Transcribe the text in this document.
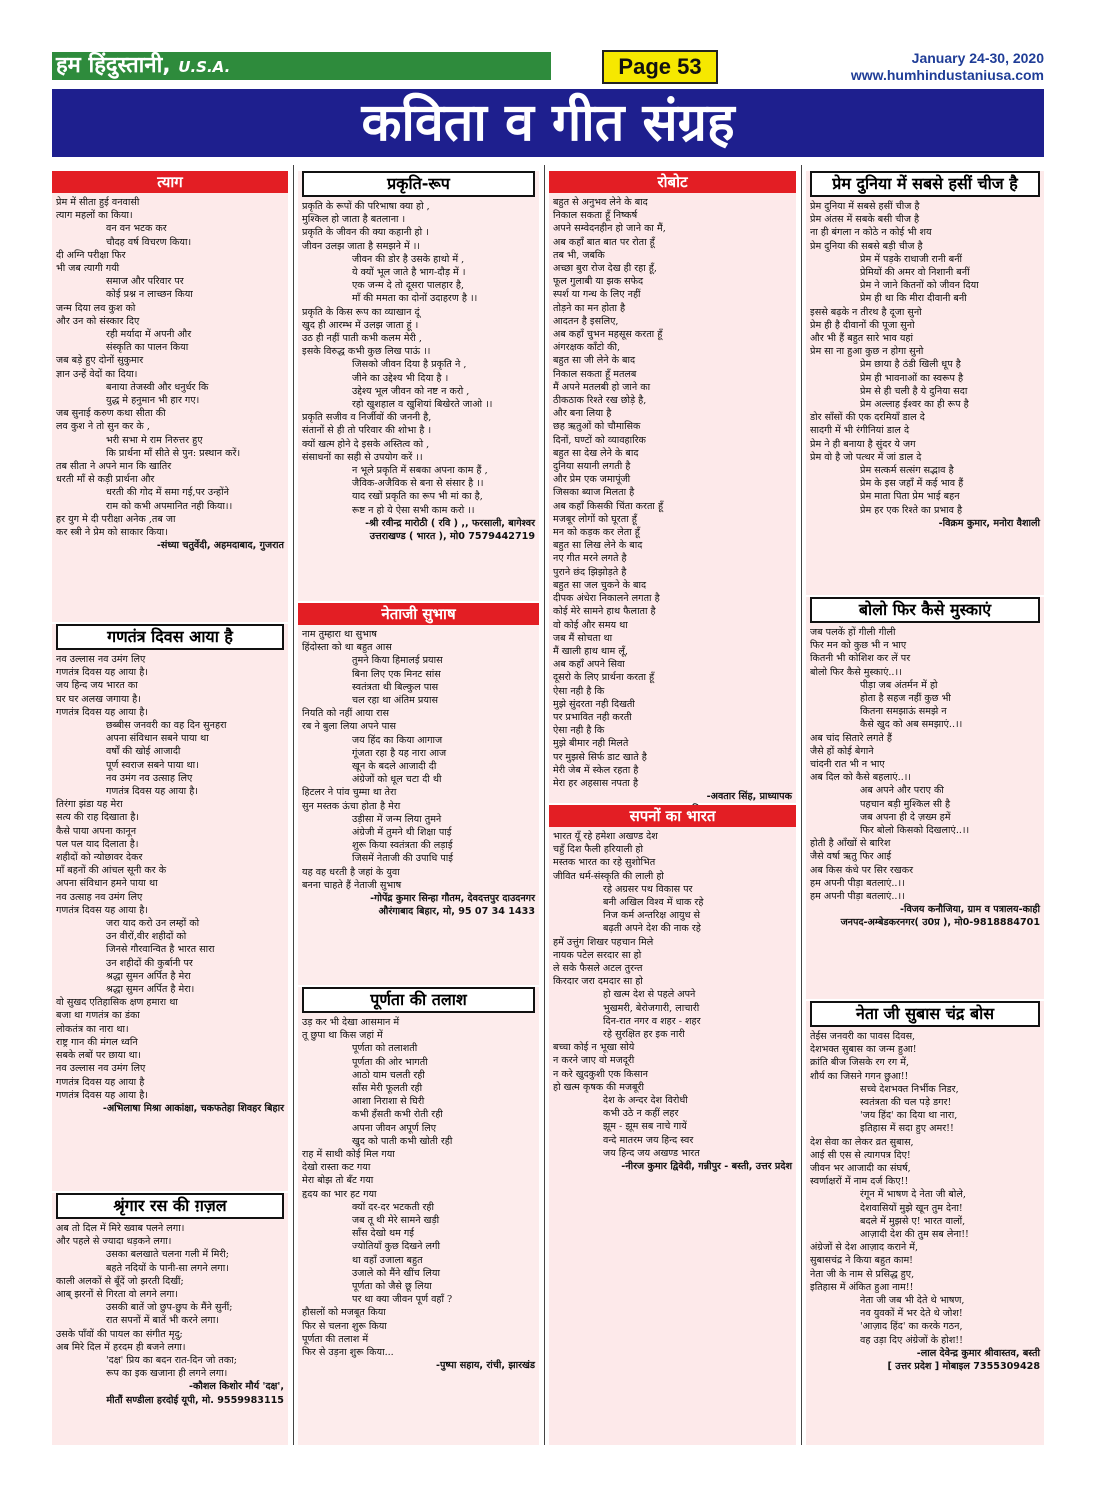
हम हिंदुस्तानी, U.S.A.	Page 53	January 24-30, 2020
www.humhindustaniusa.com
कविता व गीत संग्रह
त्याग
प्रेम में सीता हुई वनवासी
त्याग महलों का किया।
वन वन भटक कर
चौदह वर्ष विचरण किया।
दी अग्नि परीक्षा फिर
भी जब त्यागी गयी
समाज और परिवार पर
कोई प्रश्न न लाच्छन किया
जन्म दिया लव कुश को
और उन को संस्कार दिए
रही मर्यादा में अपनी और
संस्कृति का पालन किया
जब बड़े हुए दोनों सुकुमार
ज्ञान उन्हें वेदों का दिया।
बनाया तेजस्वी और धनुर्धर कि
युद्ध मे हनुमान भी हार गए।
जब सुनाई करुण कथा सीता की
लव कुश ने तो सुन कर के ,
भरी सभा मे राम निरुत्तर हुए
कि प्रार्थना माँ सीते से पुन: प्रस्थान करें।
तब सीता ने अपने मान कि खातिर
धरती माँ से कड़ी प्रार्थना और
धरती की गोद में समा गई,पर उन्होंने
राम को कभी अपमानित नही किया।।
हर युग मे दी परीक्षा अनेक ,तब जा
कर स्त्री ने प्रेम को साकार किया।
-संध्या चतुर्वेदी, अहमदाबाद, गुजरात
गणतंत्र दिवस आया है
नव उल्लास नव उमंग लिए
गणतंत्र दिवस यह आया है।
जय हिन्द जय भारत का
घर घर अलख जगाया है।
गणतंत्र दिवस यह आया है।
छब्बीस जनवरी का वह दिन सुनहरा
अपना संविधान सबने पाया था
वर्षों की खोई आजादी
पूर्ण स्वराज सबने पाया था।
नव उमंग नव उत्साह लिए
गणतंत्र दिवस यह आया है।
तिरंगा झंडा यह मेरा
सत्य की राह दिखाता है।
कैसे पाया अपना कानून
पल पल याद दिलाता है।
शहीदों को न्योछावर देकर
माँ बहनों की आंचल सूनी कर के
अपना संविधान हमने पाया था
नव उत्साह नव उमंग लिए
गणतंत्र दिवस यह आया है।
जरा याद करो उन लम्हों को
उन वीरों,वीर शहीदों को
जिनसे गौरवान्वित है भारत सारा
उन शहीदों की कुर्बानी पर
श्रद्धा सुमन अर्पित है मेरा
श्रद्धा सुमन अर्पित है मेरा।
वो सुखद एतिहासिक क्षण हमारा था
बजा था गणतंत्र का डंका
लोकतंत्र का नारा था।
राष्ट्र गान की मंगल ध्वनि
सबके लबों पर छाया था।
नव उल्लास नव उमंग लिए
गणतंत्र दिवस यह आया है
गणतंत्र दिवस यह आया है।
-अभिलाषा मिश्रा आकांक्षा, चकफतेहा शिवहर बिहार
श्रृंगार रस की ग़ज़ल
अब तो दिल में मिरे ख्वाब पलने लगा।
और पहले से ज्यादा धड़कने लगा।
उसका बलखाते चलना गली में मिरी;
बहते नदियों के पानी-सा लगने लगा।
काली अलकों से बूँदें जो झरती दिखीं;
आब् झरनों से गिरता वो लगने लगा।
उसकी बातें जो छुप-छुप के मैंने सुनीं;
रात सपनों में बातें भी करने लगा।
उसके पाँवों की पायल का संगीत मृदु;
अब मिरे दिल में हरदम ही बजने लगा।
'दक्ष' प्रिय का बदन रात-दिन जो तका;
रूप का इक खजाना ही लगने लगा।
-कौशल किशोर मौर्य 'दक्ष',
मीतौं सण्डीला हरदोई यूपी, मो. 9559983115
प्रकृति-रूप
प्रकृति के रूपों की परिभाषा क्या हो ,
मुश्किल हो जाता है बतलाना ।
प्रकृति के जीवन की क्या कहानी हो ।
जीवन उलझ जाता है समझने में ।।
जीवन की डोर है उसके हाथो में ,
ये क्यों भूल जाते है भाग-दौड़ में ।
एक जन्म दे तो दूसरा पालहार है,
माँ की ममता का दोनों उदाहरण है ।।
प्रकृति के किस रूप का व्याखान दूं
खुद ही आरम्भ में उलझ जाता हूं ।
उठ ही नहीं पाती कभी कलम मेरी ,
इसके विरुद्ध कभी कुछ लिख पाऊं ।।
जिसको जीवन दिया है प्रकृति ने ,
जीने का उद्देश्य भी दिया है ।
उद्देश्य भूल जीवन को नष्ट न करो ,
रहो खुशहाल व खुशियां बिखेरते जाओ ।।
प्रकृति सजीव व निर्जीवों की जननी है,
संतानों से ही तो परिवार की शोभा है ।
क्यों खत्म होने दे इसके अस्तित्व को ,
संसाधनों का सही से उपयोग करें ।।
न भूले प्रकृति में सबका अपना काम हैं ,
जैविक-अजैविक से बना से संसार है ।।
याद रखों प्रकृति का रूप भी मां का है,
रूष्ट न हो ये ऐसा सभी काम करो ।।
-श्री रवीन्द्र मारोठी ( रवि ) ,, फरसाली, बागेश्वर
उत्तराखण्ड ( भारत ), मो0 7579442719
नेताजी सुभाष
नाम तुम्हारा था सुभाष
हिंदोस्ता को था बहुत आस
तुमने किया हिमालई प्रयास
बिना लिए एक मिनट सांस
स्वतंत्रता थी बिल्कुल पास
चल रहा था अंतिम प्रयास
नियति को नहीं आया रास
रब ने बुला लिया अपने पास
जय हिंद का किया आगाज
गूंजता रहा है यह नारा आज
खून के बदले आजादी दी
अंग्रेजों को धूल चटा दी थी
हिटलर ने पांव चुम्मा था तेरा
सुन मस्तक ऊंचा होता है मेरा
उड़ीसा में जन्म लिया तुमने
अंग्रेजी में तुमने थी शिक्षा पाई
शुरू किया स्वतंत्रता की लड़ाई
जिसमें नेताजी की उपाधि पाई
यह वह धरती है जहां के युवा
बनना चाहते हैं नेताजी सुभाष
-गोपेंद्र कुमार सिन्हा गौतम, देवदत्तपुर दाउदनगर
औरंगाबाद बिहार, मो, 95 07 34 1433
पूर्णता की तलाश
उड़ कर भी देखा आसमान में
तू छुपा था किस जहां में
पूर्णता को तलाशती
पूर्णता की ओर भागती
आठो याम चलती रही
साँस मेरी फूलती रही
आशा निराशा से घिरी
कभी हँसती कभी रोती रही
अपना जीवन अपूर्ण लिए
खुद को पाती कभी खोती रही
राह में साथी कोई मिल गया
देखो रास्ता कट गया
मेरा बोझ तो बँट गया
हृदय का भार हट गया
क्यों दर-दर भटकती रही
जब तू थी मेरे सामने खड़ी
साँस देखो थम गई
ज्योतियाँ कुछ दिखने लगी
था वहाँ उजाला बहुत
उजाले को मैंने खींच लिया
पूर्णता को जैसे छू लिया
पर था क्या जीवन पूर्ण वहाँ ?
हौसलों को मजबूत किया
फिर से चलना शुरू किया
पूर्णता की तलाश में
फिर से उड़ना शुरू किया...
-पुष्पा सहाय, रांची, झारखंड
रोबोट
बहुत से अनुभव लेने के बाद
निकाल सकता हूँ निष्कर्ष
अपने सम्वेदनहीन हो जाने का मैं,
अब कहाँ बात बात पर रोता हूँ
तब भी, जबकि
अच्छा बुरा रोज देख ही रहा हूँ,
फूल गुलाबी या झक सफेद
स्पर्श या गन्ध के लिए नहीं
तोड़ने का मन होता है
आदतन है इसलिए,
अब कहाँ चुभन महसूस करता हूँ
अंगरक्षक काँटो की,
बहुत सा जी लेने के बाद
निकाल सकता हूँ मतलब
मैं अपने मतलबी हो जाने का
ठीकठाक रिश्ते रख छोड़े है,
और बना लिया है
छह ऋतुओं को चौमासिक
दिनों, घण्टों को व्यावहारिक
बहुत सा देख लेने के बाद
दुनिया सयानी लगती है
और प्रेम एक जमापूंजी
जिसका ब्याज मिलता है
अब कहाँ किसकी चिंता करता हूँ
मजबूर लोगों को घूरता हूँ
मन को कड़क कर लेता हूँ
बहुत सा लिख लेने के बाद
नए गीत मरने लगते है
पुराने छंद झिझोड़ते है
बहुत सा जल चुकने के बाद
दीपक अंधेरा निकालने लगता है
कोई मेरे सामने हाथ फैलाता है
वो कोई और समय था
जब मैं सोचता था
मैं खाली हाथ थाम लूँ,
अब कहाँ अपने सिवा
दूसरो के लिए प्रार्थना करता हूँ
ऐसा नही है कि
मुझे सुंदरता नही दिखती
पर प्रभावित नही करती
ऐसा नही है कि
मुझे बीमार नही मिलते
पर मुझसे सिर्फ डाट खाते है
मेरी जेब में स्केल रहता है
मेरा हर अहसास नपता है
-अवतार सिंह, प्राध्यापक
सपनों का भारत
भारत यूँ रहे हमेशा अखण्ड देश
चहुँ दिश फैली हरियाली हो
मस्तक भारत का रहे सुशोभित
जीवित धर्म-संस्कृति की लाली हो
रहे अग्रसर पथ विकास पर
बनी अखिल विश्व में धाक रहे
निज कर्म अन्तरिक्ष आयुध से
बढ़ती अपने देश की नाक रहे
हमें उत्तुंग शिखर पहचान मिले
नायक पटेल सरदार सा हो
ले सके फैसले अटल तुरन्त
किरदार जरा दमदार सा हो
हो खत्म देश से पहले अपने
भुखमरी, बेरोजगारी, लाचारी
दिन-रात नगर व शहर - शहर
रहे सुरक्षित हर इक नारी
बच्चा कोई न भूखा सोये
न करने जाए वो मजदूरी
न करे खुदकुशी एक किसान
हो खत्म कृषक की मजबूरी
देश के अन्दर देश विरोधी
कभी उठे न कहीं लहर
झूम - झूम सब नाचे गायें
वन्दे मातरम जय हिन्द स्वर
जय हिन्द जय अखण्ड भारत
-नीरज कुमार द्विवेदी, गन्नीपुर - बस्ती, उत्तर प्रदेश
प्रेम दुनिया में सबसे हसीं चीज है
प्रेम दुनिया में सबसे हसीं चीज है
प्रेम अंतस में सबके बसी चीज है
ना ही बंगला न कोठे न कोई भी शय
प्रेम दुनिया की सबसे बड़ी चीज है
प्रेम में पड़के राधाजी रानी बनीं
प्रेमियों की अमर वो निशानी बनीं
प्रेम ने जाने कितनों को जीवन दिया
प्रेम ही था कि मीरा दीवानी बनी
इससे बढ़के न तीरथ है दूजा सुनो
प्रेम ही है दीवानों की पूजा सुनो
और भी हैं बहुत सारे भाव यहां
प्रेम सा ना हुआ कुछ न होगा सुनो
प्रेम छाया है ठंडी खिली धूप है
प्रेम ही भावनाओं का स्वरूप है
प्रेम से ही चली है ये दुनिया सदा
प्रेम अल्लाह ईश्वर का ही रूप है
डोर साँसों की एक दरमियाँ डाल दे
सादगी में भी रंगीनियां डाल दे
प्रेम ने ही बनाया है सुंदर ये जग
प्रेम वो है जो पत्थर में जां डाल दे
प्रेम सत्कर्म सत्संग सद्भाव है
प्रेम के इस जहाँ में कई भाव हैं
प्रेम माता पिता प्रेम भाई बहन
प्रेम हर एक रिश्ते का प्रभाव है
-विक्रम कुमार, मनोरा वैशाली
बोलो फिर कैसे मुस्काएं
जब पलकें हों गीली गीली
फिर मन को कुछ भी न भाए
कितनी भी कोशिश कर लें पर
बोलो फिर कैसे मुस्काएं..।।
पीड़ा जब अंतर्मन में हो
होता है सहज नहीं कुछ भी
कितना समझाऊं समझे न
कैसे खुद को अब समझाएं..।।
अब चांद सितारे लगते हैं
जैसे हों कोई बेगाने
चांदनी रात भी न भाए
अब दिल को कैसे बहलाएं..।।
अब अपने और पराए की
पहचान बड़ी मुश्किल सी है
जब अपना ही दे ज़ख्म हमें
फिर बोलो किसको दिखलाएं..।।
होती है आँखों से बारिश
जैसे वर्षा ऋतु फिर आई
अब किस कंधे पर सिर रखकर
हम अपनी पीड़ा बतलाएं..।।
हम अपनी पीड़ा बतलाएं..।।
-विजय कनौजिया, ग्राम व पत्रालय-काही
जनपद-अम्बेडकरनगर( उ0प्र ), मो0-9818884701
नेता जी सुबास चंद्र बोस
तेईस जनवरी का पावस दिवस,
देशभक्त सुबास का जन्म हुआ!
क्रांति बीज जिसके रग रग में,
शौर्य का जिसने गगन छुआ!!
सच्चे देशभक्त निर्भीक निडर,
स्वतंत्रता की चल पड़े डगर!
'जय हिंद' का दिया था नारा,
इतिहास में सदा हुए अमर!!
देश सेवा का लेकर व्रत सुबास,
आई सी एस से त्यागपत्र दिए!
जीवन भर आजादी का संघर्ष,
स्वर्णाक्षरों में नाम दर्ज किए!!
रंगून में भाषण दे नेता जी बोले,
देशवासियों मुझे खून तुम देना!
बदले में मुझसे ए! भारत वालों,
आज़ादी देश की तुम सब लेना!!
अंग्रेजों से देश आज़ाद कराने में,
सुबासचंद्र ने किया बहुत काम!
नेता जी के नाम से प्रसिद्ध हुए,
इतिहास में अंकित हुआ नाम!!
नेता जी जब भी देते थे भाषण,
नव युवकों में भर देते थे जोश!
'आज़ाद हिंद' का करके गठन,
वह उड़ा दिए अंग्रेजों के होश!!
-लाल देवेन्द्र कुमार श्रीवास्तव, बस्ती
[ उत्तर प्रदेश ] मोबाइल 7355309428
